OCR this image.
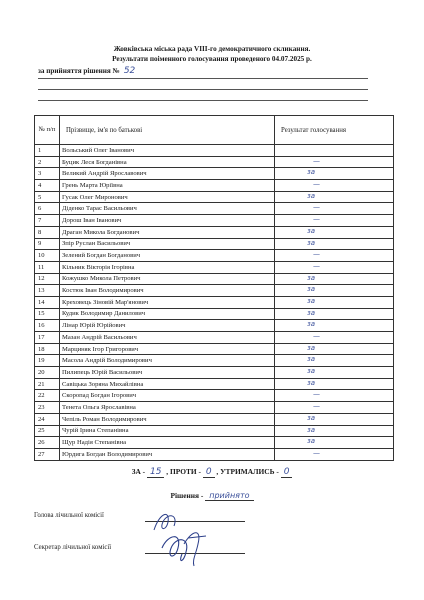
Жовківська міська рада VIII-го демократичного скликання.
Результати поіменного голосування проведеного 04.07.2025 р.
за прийняття рішення № 52
№ п/п	Прізвище, ім'я по батькові	Результат голосування
1	Вольський Олег Іванович	

2	Буцик Леся Богданівна	—

3	Великий Андрій Ярославович	за

4	Грень Марта Юріївна	—

5	Гусак Олег Миронович	за

6	Діденко Тарас Васильович	—

7	Дорош Іван Іванович	—

8	Драган Микола Богданович	за

9	Зпір Руслан Васильович	за

10	Зелений Богдан Богданович	—

11	Кільник Вікторія Ігорівна	—

12	Кожушко Микола Петрович	за

13	Костюк Іван Володимирович	за

14	Креховець Зіновій Мар'янович	за

15	Кудик Володимир Данилович	за

16	Лінар Юрій Юрійович	за

17	Мазан Андрій Васильович	—

18	Марциняк Ігор Григорович	за

19	Масола Андрій Володимирович	за

20	Пилипець Юрій Васильович	за

21	Савіцька Зоряна Михайлівна	за

22	Скоропад Богдан Ігорович	—

23	Тенета Ольга Ярославівна	—

24	Чепіль Роман Володимирович	за

25	Чурій Ірина Степанівна	за

26	Щур Надія Степанівна	за

27	Юрдига Богдан Володимирович	—
ЗА - 15 , ПРОТИ - 0 , УТРИМАЛИСЬ - 0
Рішення - прийнято
Голова лічильної комісії
Секретар лічильної комісії
